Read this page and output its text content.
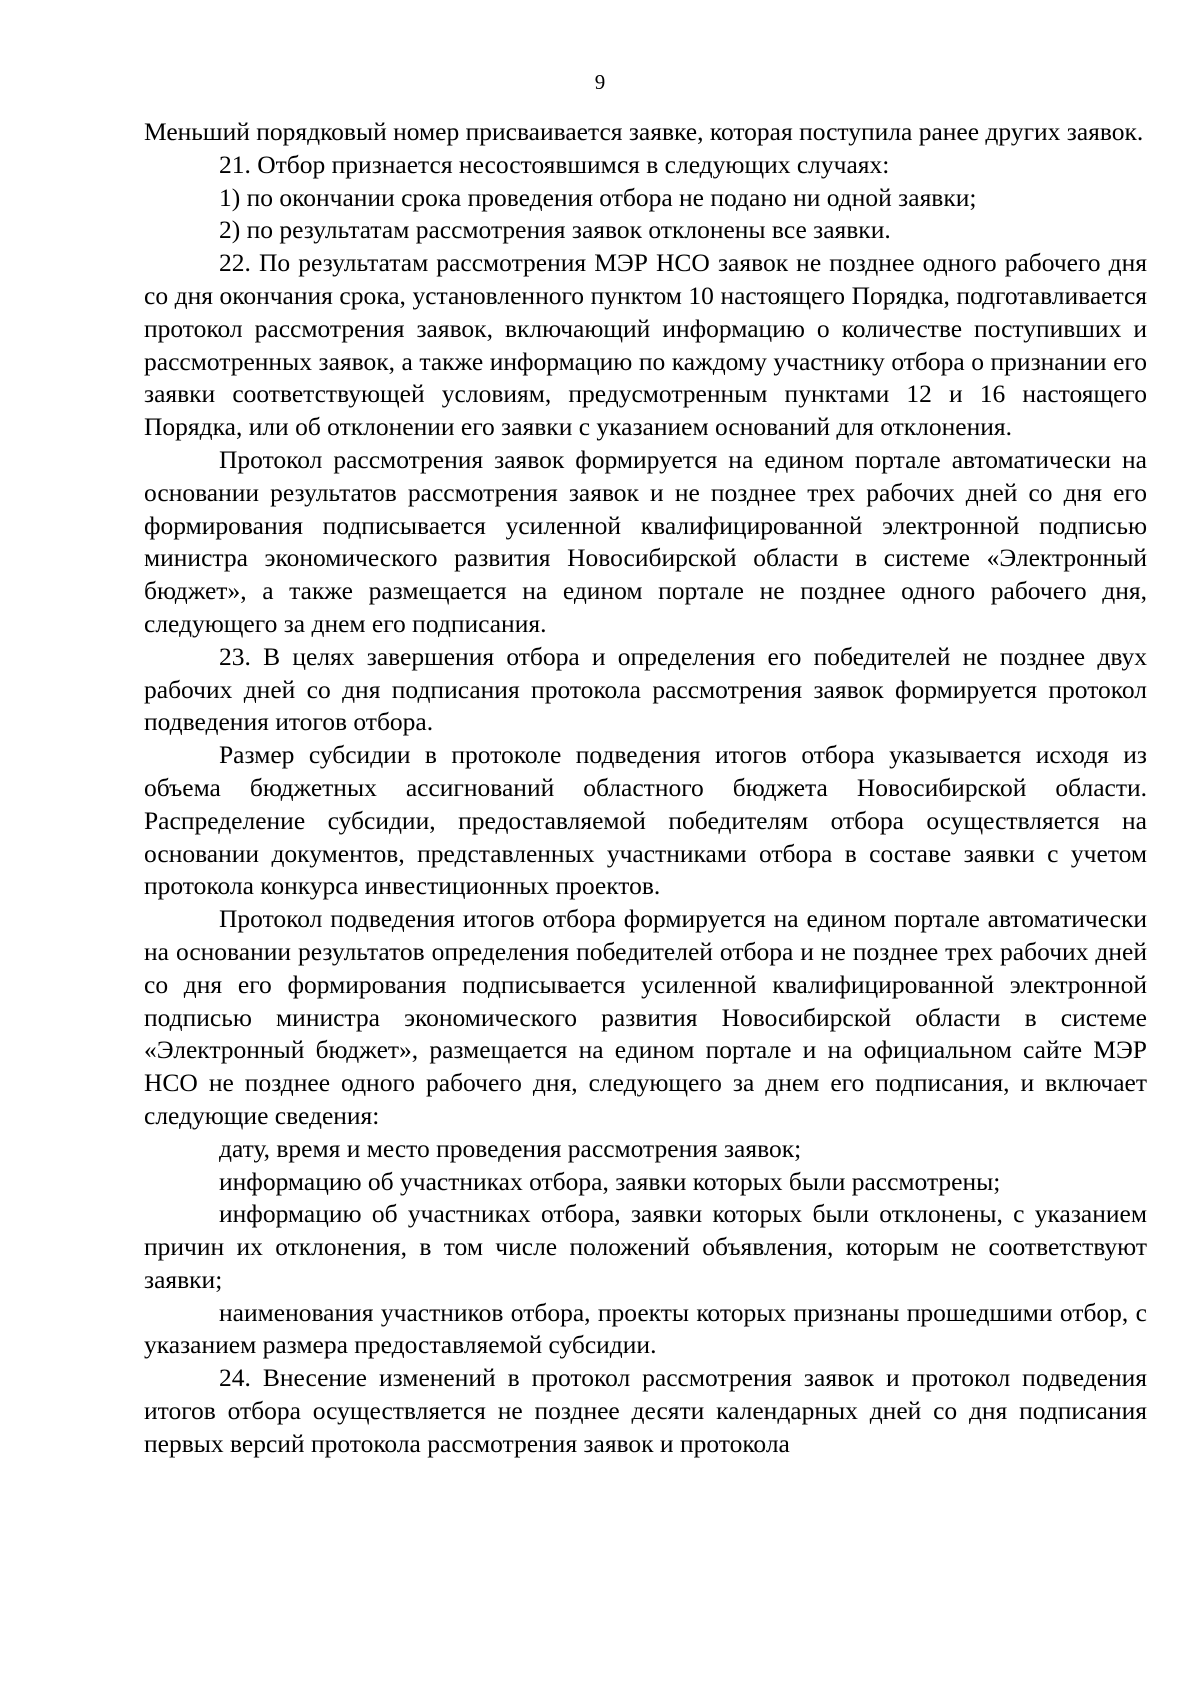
9

Меньший порядковый номер присваивается заявке, которая поступила ранее других заявок.

21. Отбор признается несостоявшимся в следующих случаях:

1) по окончании срока проведения отбора не подано ни одной заявки;

2) по результатам рассмотрения заявок отклонены все заявки.

22. По результатам рассмотрения МЭР НСО заявок не позднее одного рабочего дня со дня окончания срока, установленного пунктом 10 настоящего Порядка, подготавливается протокол рассмотрения заявок, включающий информацию о количестве поступивших и рассмотренных заявок, а также информацию по каждому участнику отбора о признании его заявки соответствующей условиям, предусмотренным пунктами 12 и 16 настоящего Порядка, или об отклонении его заявки с указанием оснований для отклонения.

Протокол рассмотрения заявок формируется на едином портале автоматически на основании результатов рассмотрения заявок и не позднее трех рабочих дней со дня его формирования подписывается усиленной квалифицированной электронной подписью министра экономического развития Новосибирской области в системе «Электронный бюджет», а также размещается на едином портале не позднее одного рабочего дня, следующего за днем его подписания.

23. В целях завершения отбора и определения его победителей не позднее двух рабочих дней со дня подписания протокола рассмотрения заявок формируется протокол подведения итогов отбора.

Размер субсидии в протоколе подведения итогов отбора указывается исходя из объема бюджетных ассигнований областного бюджета Новосибирской области. Распределение субсидии, предоставляемой победителям отбора осуществляется на основании документов, представленных участниками отбора в составе заявки с учетом протокола конкурса инвестиционных проектов.

Протокол подведения итогов отбора формируется на едином портале автоматически на основании результатов определения победителей отбора и не позднее трех рабочих дней со дня его формирования подписывается усиленной квалифицированной электронной подписью министра экономического развития Новосибирской области в системе «Электронный бюджет», размещается на едином портале и на официальном сайте МЭР НСО не позднее одного рабочего дня, следующего за днем его подписания, и включает следующие сведения:

дату, время и место проведения рассмотрения заявок;

информацию об участниках отбора, заявки которых были рассмотрены;

информацию об участниках отбора, заявки которых были отклонены, с указанием причин их отклонения, в том числе положений объявления, которым не соответствуют заявки;

наименования участников отбора, проекты которых признаны прошедшими отбор, с указанием размера предоставляемой субсидии.

24. Внесение изменений в протокол рассмотрения заявок и протокол подведения итогов отбора осуществляется не позднее десяти календарных дней со дня подписания первых версий протокола рассмотрения заявок и протокола
